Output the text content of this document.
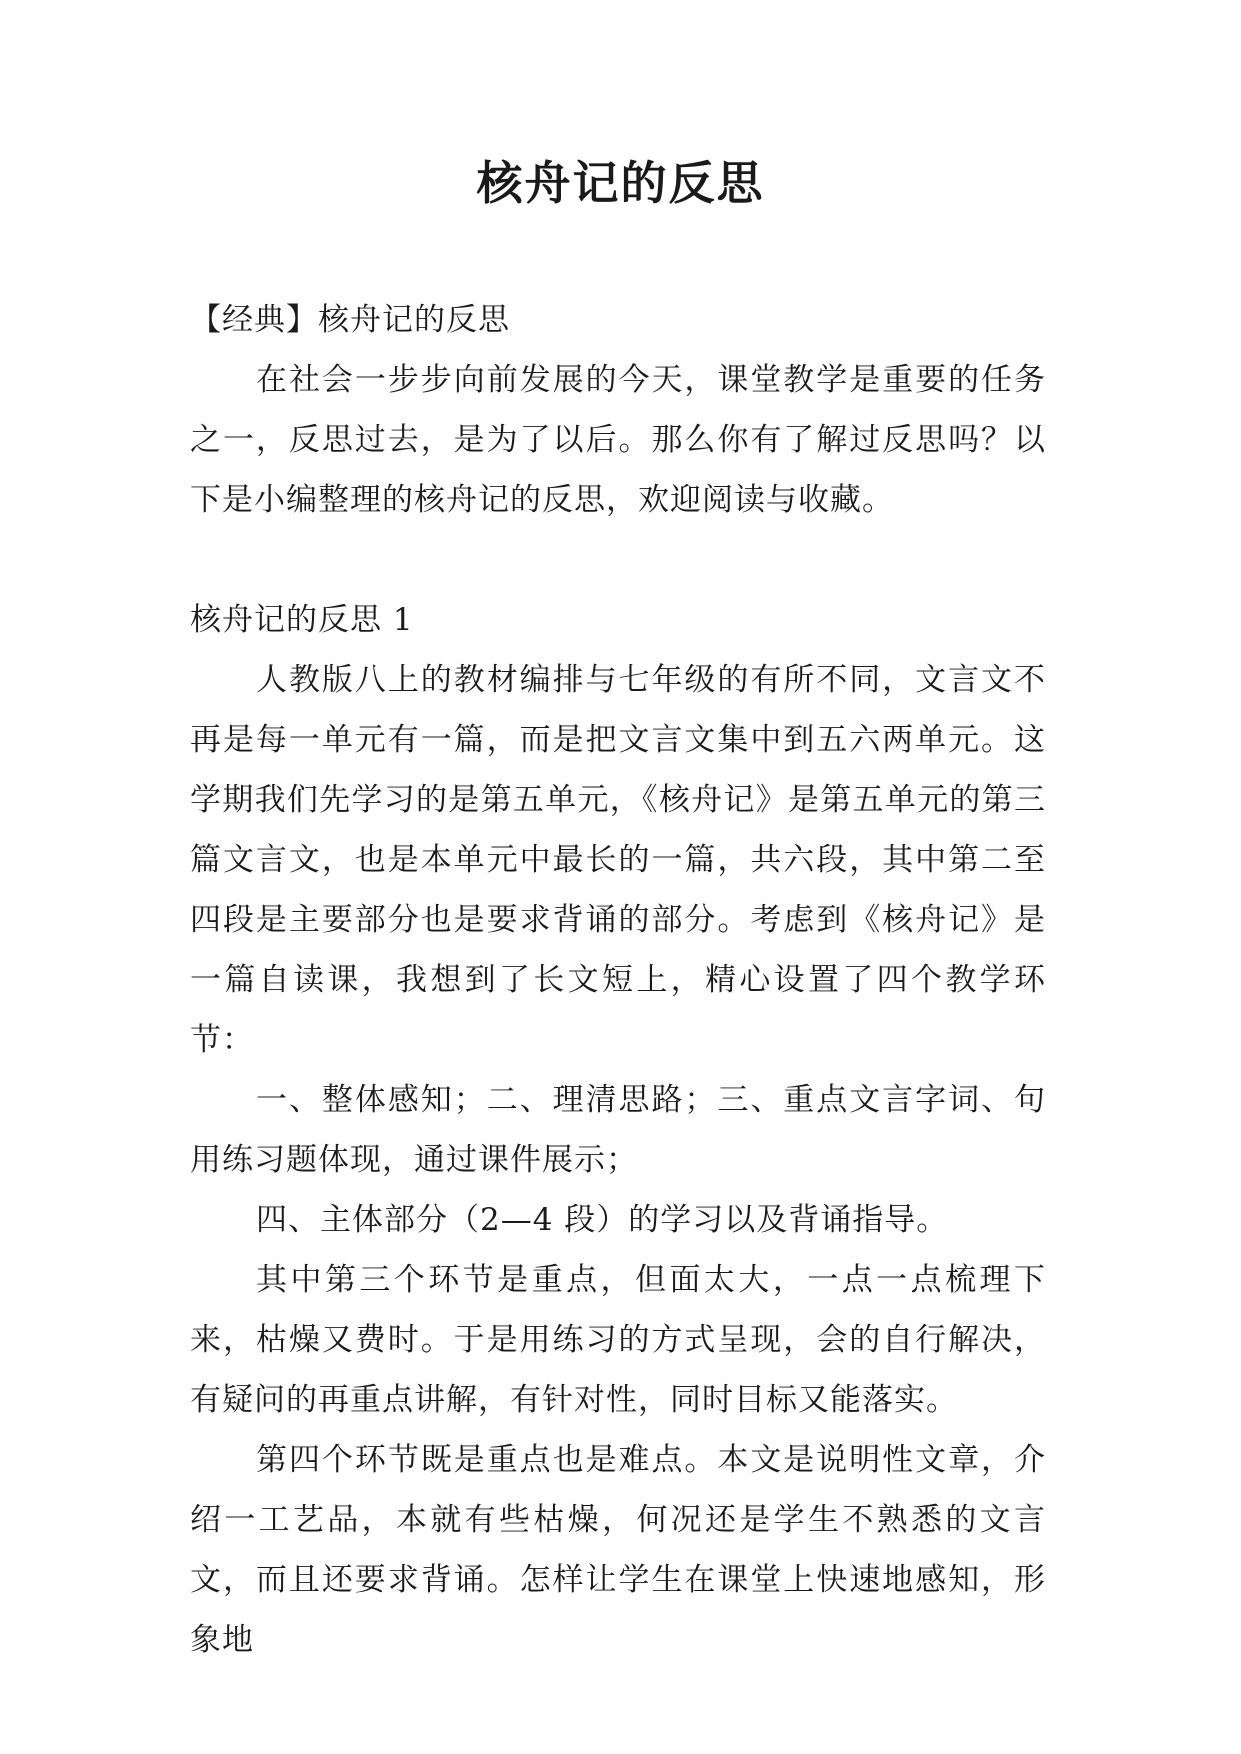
核舟记的反思

【经典】核舟记的反思

在社会一步步向前发展的今天，课堂教学是重要的任务之一，反思过去，是为了以后。那么你有了解过反思吗？以下是小编整理的核舟记的反思，欢迎阅读与收藏。

核舟记的反思 1

人教版八上的教材编排与七年级的有所不同，文言文不再是每一单元有一篇，而是把文言文集中到五六两单元。这学期我们先学习的是第五单元，《核舟记》是第五单元的第三篇文言文，也是本单元中最长的一篇，共六段，其中第二至四段是主要部分也是要求背诵的部分。考虑到《核舟记》是一篇自读课，我想到了长文短上，精心设置了四个教学环节：

一、整体感知；二、理清思路；三、重点文言字词、句用练习题体现，通过课件展示；

四、主体部分（2—4 段）的学习以及背诵指导。

其中第三个环节是重点，但面太大，一点一点梳理下来，枯燥又费时。于是用练习的方式呈现，会的自行解决，有疑问的再重点讲解，有针对性，同时目标又能落实。

第四个环节既是重点也是难点。本文是说明性文章，介绍一工艺品，本就有些枯燥，何况还是学生不熟悉的文言文，而且还要求背诵。怎样让学生在课堂上快速地感知，形象地
